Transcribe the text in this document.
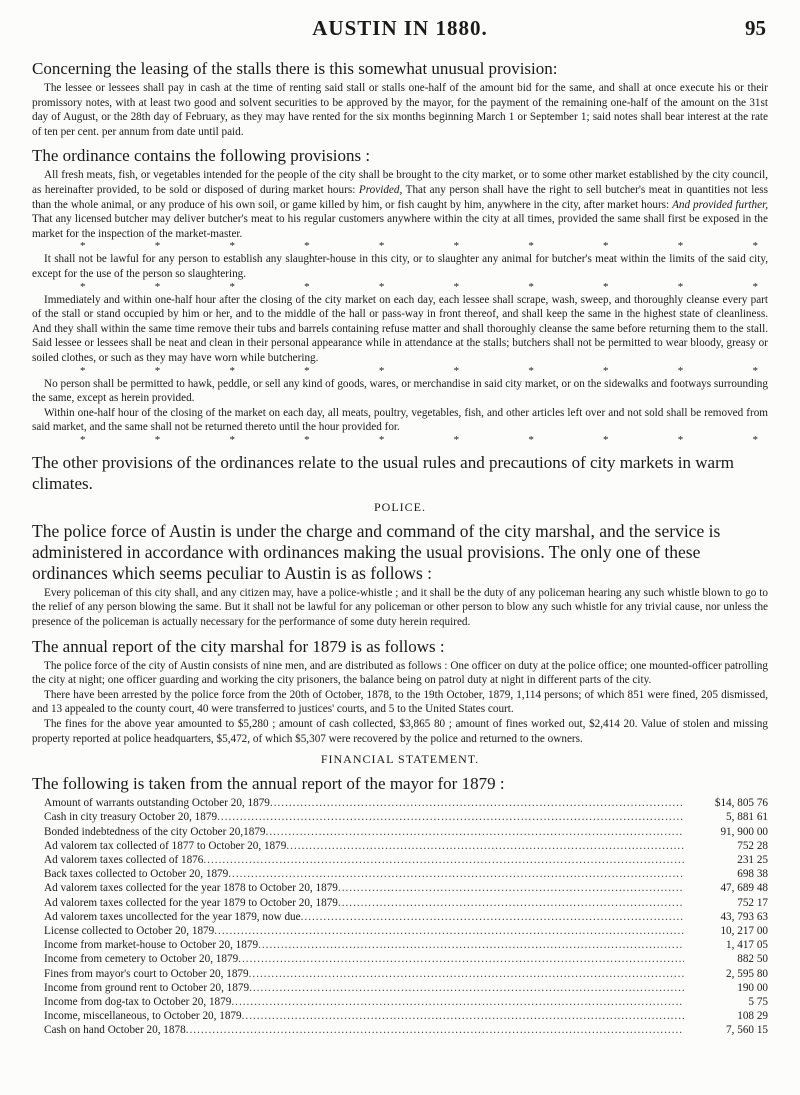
AUSTIN IN 1880.	95
Concerning the leasing of the stalls there is this somewhat unusual provision:

The lessee or lessees shall pay in cash at the time of renting said stall or stalls one-half of the amount bid for the same, and shall at once execute his or their promissory notes, with at least two good and solvent securities to be approved by the mayor, for the payment of the remaining one-half of the amount on the 31st day of August, or the 28th day of February, as they may have rented for the six months beginning March 1 or September 1; said notes shall bear interest at the rate of ten per cent. per annum from date until paid.

The ordinance contains the following provisions :

All fresh meats, fish, or vegetables intended for the people of the city shall be brought to the city market, or to some other market established by the city council, as hereinafter provided, to be sold or disposed of during market hours: Provided, That any person shall have the right to sell butcher's meat in quantities not less than the whole animal, or any produce of his own soil, or game killed by him, or fish caught by him, anywhere in the city, after market hours: And provided further, That any licensed butcher may deliver butcher's meat to his regular customers anywhere within the city at all times, provided the same shall first be exposed in the market for the inspection of the market-master.

*	*	*	*	*	*	*	*	*	*

It shall not be lawful for any person to establish any slaughter-house in this city, or to slaughter any animal for butcher's meat within the limits of the said city, except for the use of the person so slaughtering.

*	*	*	*	*	*	*	*	*	*

Immediately and within one-half hour after the closing of the city market on each day, each lessee shall scrape, wash, sweep, and thoroughly cleanse every part of the stall or stand occupied by him or her, and to the middle of the hall or pass-way in front thereof, and shall keep the same in the highest state of cleanliness. And they shall within the same time remove their tubs and barrels containing refuse matter and shall thoroughly cleanse the same before returning them to the stall. Said lessee or lessees shall be neat and clean in their personal appearance while in attendance at the stalls; butchers shall not be permitted to wear bloody, greasy or soiled clothes, or such as they may have worn while butchering.

*	*	*	*	*	*	*	*	*	*

No person shall be permitted to hawk, peddle, or sell any kind of goods, wares, or merchandise in said city market, or on the sidewalks and footways surrounding the same, except as herein provided.

Within one-half hour of the closing of the market on each day, all meats, poultry, vegetables, fish, and other articles left over and not sold shall be removed from said market, and the same shall not be returned thereto until the hour provided for.

*	*	*	*	*	*	*	*	*	*
The other provisions of the ordinances relate to the usual rules and precautions of city markets in warm climates.
POLICE.
The police force of Austin is under the charge and command of the city marshal, and the service is administered in accordance with ordinances making the usual provisions. The only one of these ordinances which seems peculiar to Austin is as follows :

Every policeman of this city shall, and any citizen may, have a police-whistle ; and it shall be the duty of any policeman hearing any such whistle blown to go to the relief of any person blowing the same. But it shall not be lawful for any policeman or other person to blow any such whistle for any trivial cause, nor unless the presence of the policeman is actually necessary for the performance of some duty herein required.

The annual report of the city marshal for 1879 is as follows :

The police force of the city of Austin consists of nine men, and are distributed as follows : One officer on duty at the police office; one mounted-officer patrolling the city at night; one officer guarding and working the city prisoners, the balance being on patrol duty at night in different parts of the city.

There have been arrested by the police force from the 20th of October, 1878, to the 19th October, 1879, 1,114 persons; of which 851 were fined, 205 dismissed, and 13 appealed to the county court, 40 were transferred to justices' courts, and 5 to the United States court.

The fines for the above year amounted to $5,280 ; amount of cash collected, $3,865 80 ; amount of fines worked out, $2,414 20. Value of stolen and missing property reported at police headquarters, $5,472, of which $5,307 were recovered by the police and returned to the owners.

FINANCIAL STATEMENT.
The following is taken from the annual report of the mayor for 1879 :
Amount of warrants outstanding October 20, 1879 .....	$14, 805 76
Cash in city treasury October 20, 1879 .....	5, 881 61
Bonded indebtedness of the city October 20,1879 .....	91, 900 00
Ad valorem tax collected of 1877 to October 20, 1879 .....	752 28
Ad valorem taxes collected of 1876 .....	231 25
Back taxes collected to October 20, 1879 .....	698 38
Ad valorem taxes collected for the year 1878 to October 20, 1879 .....	47, 689 48
Ad valorem taxes collected for the year 1879 to October 20, 1879 .....	752 17
Ad valorem taxes uncollected for the year 1879, now due .....	43, 793 63
License collected to October 20, 1879 .....	10, 217 00
Income from market-house to October 20, 1879 .....	1, 417 05
Income from cemetery to October 20, 1879 .....	882 50
Fines from mayor's court to October 20, 1879 .....	2, 595 80
Income from ground rent to October 20, 1879 .....	190 00
Income from dog-tax to October 20, 1879 .....	5 75
Income, miscellaneous, to October 20, 1879 .....	108 29
Cash on hand October 20, 1878 .....	7, 560 15
